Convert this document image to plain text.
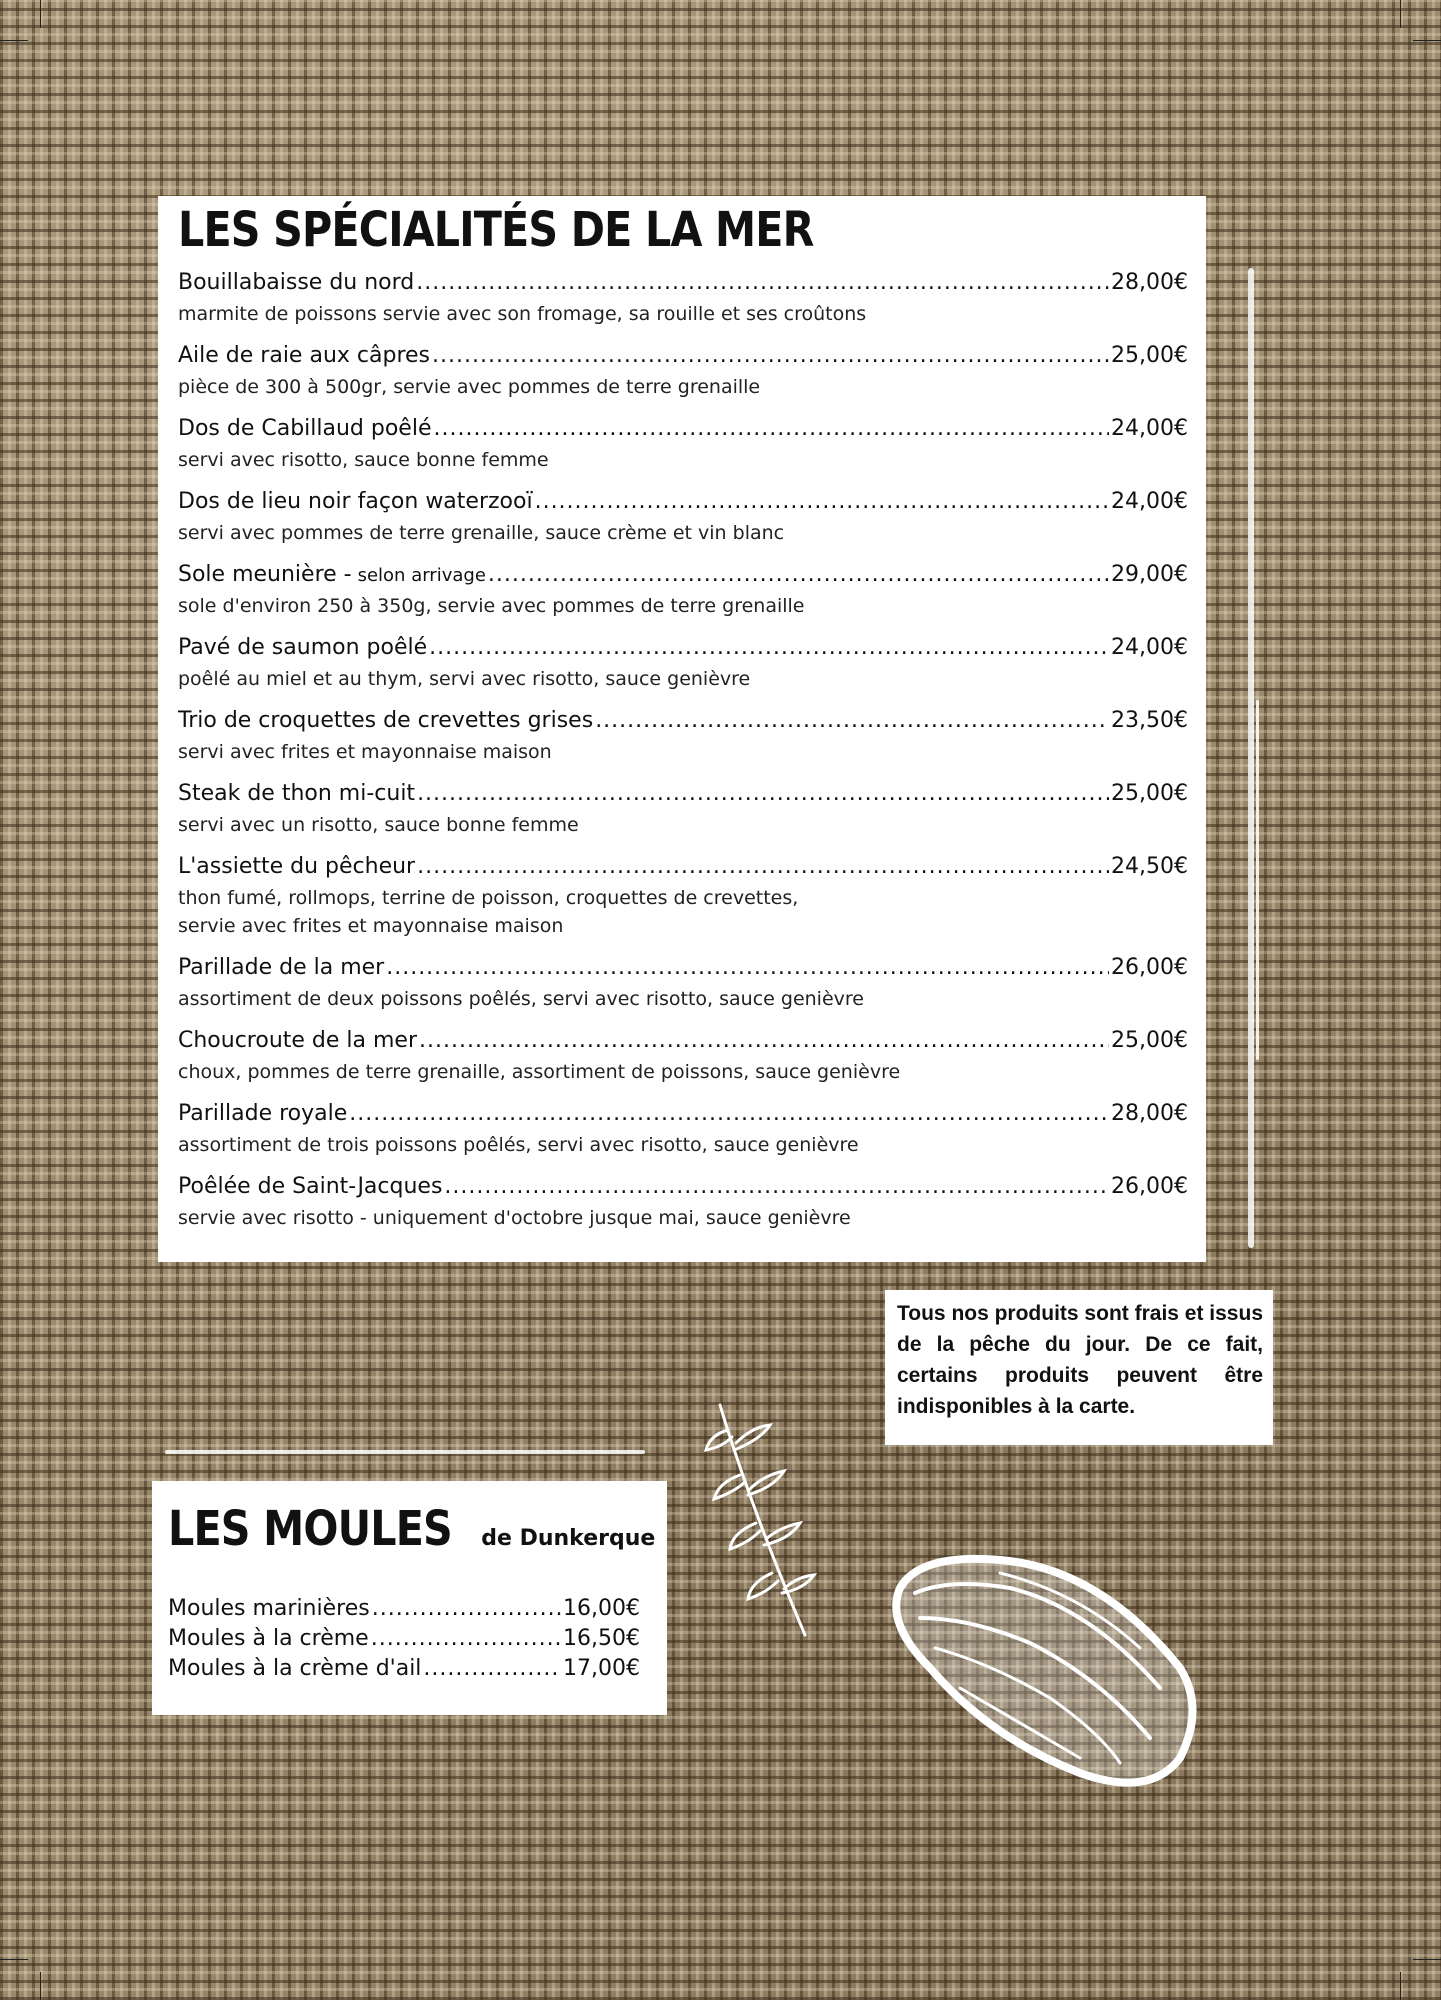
LES SPÉCIALITÉS DE LA MER
Bouillabaisse du nord .....	28,00€
marmite de poissons servie avec son fromage, sa rouille et ses croûtons
Aile de raie aux câpres .....	25,00€
pièce de 300 à 500gr, servie avec pommes de terre grenaille
Dos de Cabillaud poêlé .....	24,00€
servi avec risotto, sauce bonne femme
Dos de lieu noir façon waterzooï .....	24,00€
servi avec pommes de terre grenaille, sauce crème et vin blanc
Sole meunière - selon arrivage .....	29,00€
sole d'environ 250 à 350g, servie avec pommes de terre grenaille
Pavé de saumon poêlé .....	24,00€
poêlé au miel et au thym, servi avec risotto, sauce genièvre
Trio de croquettes de crevettes grises .....	23,50€
servi avec frites et mayonnaise maison
Steak de thon mi-cuit .....	25,00€
servi avec un risotto, sauce bonne femme
L'assiette du pêcheur .....	24,50€
thon fumé, rollmops, terrine de poisson, croquettes de crevettes,
servie avec frites et mayonnaise maison
Parillade de la mer .....	26,00€
assortiment de deux poissons poêlés, servi avec risotto, sauce genièvre
Choucroute de la mer .....	25,00€
choux, pommes de terre grenaille, assortiment de poissons, sauce genièvre
Parillade royale .....	28,00€
assortiment de trois poissons poêlés, servi avec risotto, sauce genièvre
Poêlée de Saint-Jacques .....	26,00€
servie avec risotto - uniquement d'octobre jusque mai, sauce genièvre

Tous nos produits sont frais et issus de la pêche du jour. De ce fait, certains produits peuvent être indisponibles à la carte.

LES MOULES de Dunkerque
Moules marinières .....	16,00€
Moules à la crème .....	16,50€
Moules à la crème d'ail .....	17,00€
